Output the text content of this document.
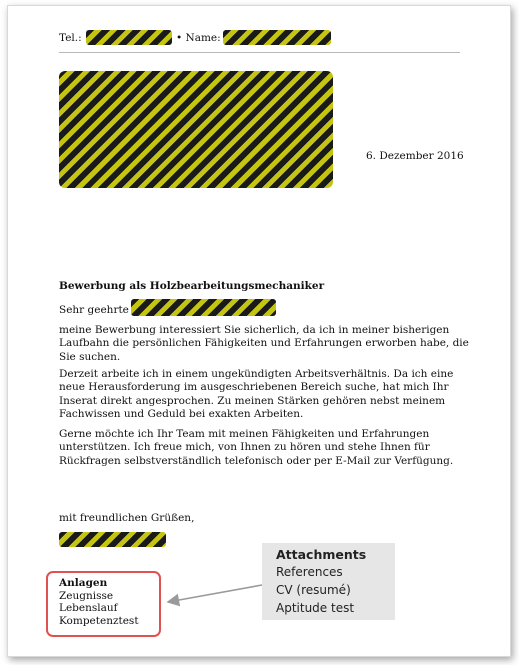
Tel.:	• Name:
6. Dezember 2016
Bewerbung als Holzbearbeitungsmechaniker
Sehr geehrte
meine Bewerbung interessiert Sie sicherlich, da ich in meiner bisherigen
Laufbahn die persönlichen Fähigkeiten und Erfahrungen erworben habe, die
Sie suchen.
Derzeit arbeite ich in einem ungekündigten Arbeitsverhältnis. Da ich eine
neue Herausforderung im ausgeschriebenen Bereich suche, hat mich Ihr
Inserat direkt angesprochen. Zu meinen Stärken gehören nebst meinem
Fachwissen und Geduld bei exakten Arbeiten.
Gerne möchte ich Ihr Team mit meinen Fähigkeiten und Erfahrungen
unterstützen. Ich freue mich, von Ihnen zu hören und stehe Ihnen für
Rückfragen selbstverständlich telefonisch oder per E-Mail zur Verfügung.
mit freundlichen Grüßen,
Anlagen
Zeugnisse
Lebenslauf
Kompetenztest
Attachments
References
CV (resumé)
Aptitude test
